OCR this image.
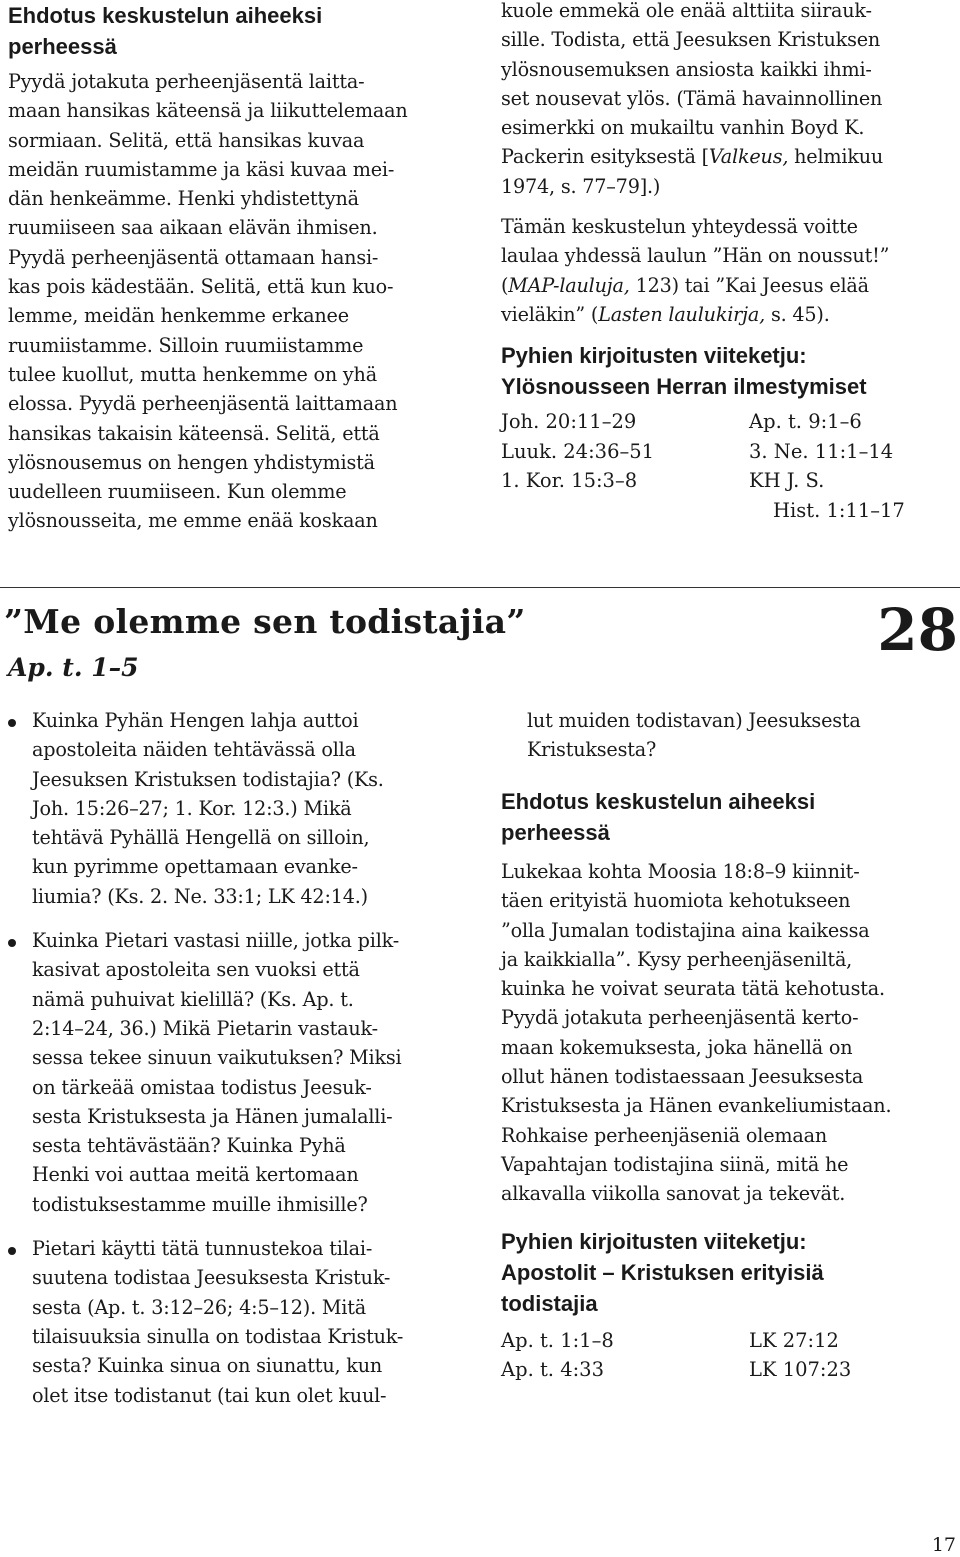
Ehdotus keskustelun aiheeksi
perheessä
Pyydä jotakuta perheenjäsentä laitta-
maan hansikas käteensä ja liikuttelemaan
sormiaan. Selitä, että hansikas kuvaa
meidän ruumistamme ja käsi kuvaa mei-
dän henkeämme. Henki yhdistettynä
ruumiiseen saa aikaan elävän ihmisen.
Pyydä perheenjäsentä ottamaan hansi-
kas pois kädestään. Selitä, että kun kuo-
lemme, meidän henkemme erkanee
ruumiistamme. Silloin ruumiistamme
tulee kuollut, mutta henkemme on yhä
elossa. Pyydä perheenjäsentä laittamaan
hansikas takaisin käteensä. Selitä, että
ylösnousemus on hengen yhdistymistä
uudelleen ruumiiseen. Kun olemme
ylösnousseita, me emme enää koskaan
kuole emmekä ole enää alttiita siirauk-
sille. Todista, että Jeesuksen Kristuksen
ylösnousemuksen ansiosta kaikki ihmi-
set nousevat ylös. (Tämä havainnollinen
esimerkki on mukailtu vanhin Boyd K.
Packerin esityksestä [Valkeus, helmikuu
1974, s. 77–79].)
Tämän keskustelun yhteydessä voitte
laulaa yhdessä laulun ”Hän on noussut!”
(MAP-lauluja, 123) tai ”Kai Jeesus elää
vieläkin” (Lasten laulukirja, s. 45).
Pyhien kirjoitusten viiteketju:
Ylösnousseen Herran ilmestymiset
Joh. 20:11–29	Ap. t. 9:1–6
Luuk. 24:36–51	3. Ne. 11:1–14
1. Kor. 15:3–8	KH J. S.
Hist. 1:11–17
”Me olemme sen todistajia”
Ap. t. 1–5
28
Kuinka Pyhän Hengen lahja auttoi
apostoleita näiden tehtävässä olla
Jeesuksen Kristuksen todistajia? (Ks.
Joh. 15:26–27; 1. Kor. 12:3.) Mikä
tehtävä Pyhällä Hengellä on silloin,
kun pyrimme opettamaan evanke-
liumia? (Ks. 2. Ne. 33:1; LK 42:14.)
Kuinka Pietari vastasi niille, jotka pilk-
kasivat apostoleita sen vuoksi että
nämä puhuivat kielillä? (Ks. Ap. t.
2:14–24, 36.) Mikä Pietarin vastauk-
sessa tekee sinuun vaikutuksen? Miksi
on tärkeää omistaa todistus Jeesuk-
sesta Kristuksesta ja Hänen jumalalli-
sesta tehtävästään? Kuinka Pyhä
Henki voi auttaa meitä kertomaan
todistuksestamme muille ihmisille?
Pietari käytti tätä tunnustekoa tilai-
suutena todistaa Jeesuksesta Kristuk-
sesta (Ap. t. 3:12–26; 4:5–12). Mitä
tilaisuuksia sinulla on todistaa Kristuk-
sesta? Kuinka sinua on siunattu, kun
olet itse todistanut (tai kun olet kuul-
lut muiden todistavan) Jeesuksesta
Kristuksesta?
Ehdotus keskustelun aiheeksi
perheessä
Lukekaa kohta Moosia 18:8–9 kiinnit-
täen erityistä huomiota kehotukseen
”olla Jumalan todistajina aina kaikessa
ja kaikkialla”. Kysy perheenjäseniltä,
kuinka he voivat seurata tätä kehotusta.
Pyydä jotakuta perheenjäsentä kerto-
maan kokemuksesta, joka hänellä on
ollut hänen todistaessaan Jeesuksesta
Kristuksesta ja Hänen evankeliumistaan.
Rohkaise perheenjäseniä olemaan
Vapahtajan todistajina siinä, mitä he
alkavalla viikolla sanovat ja tekevät.
Pyhien kirjoitusten viiteketju:
Apostolit – Kristuksen erityisiä
todistajia
Ap. t. 1:1–8	LK 27:12
Ap. t. 4:33	LK 107:23
17
